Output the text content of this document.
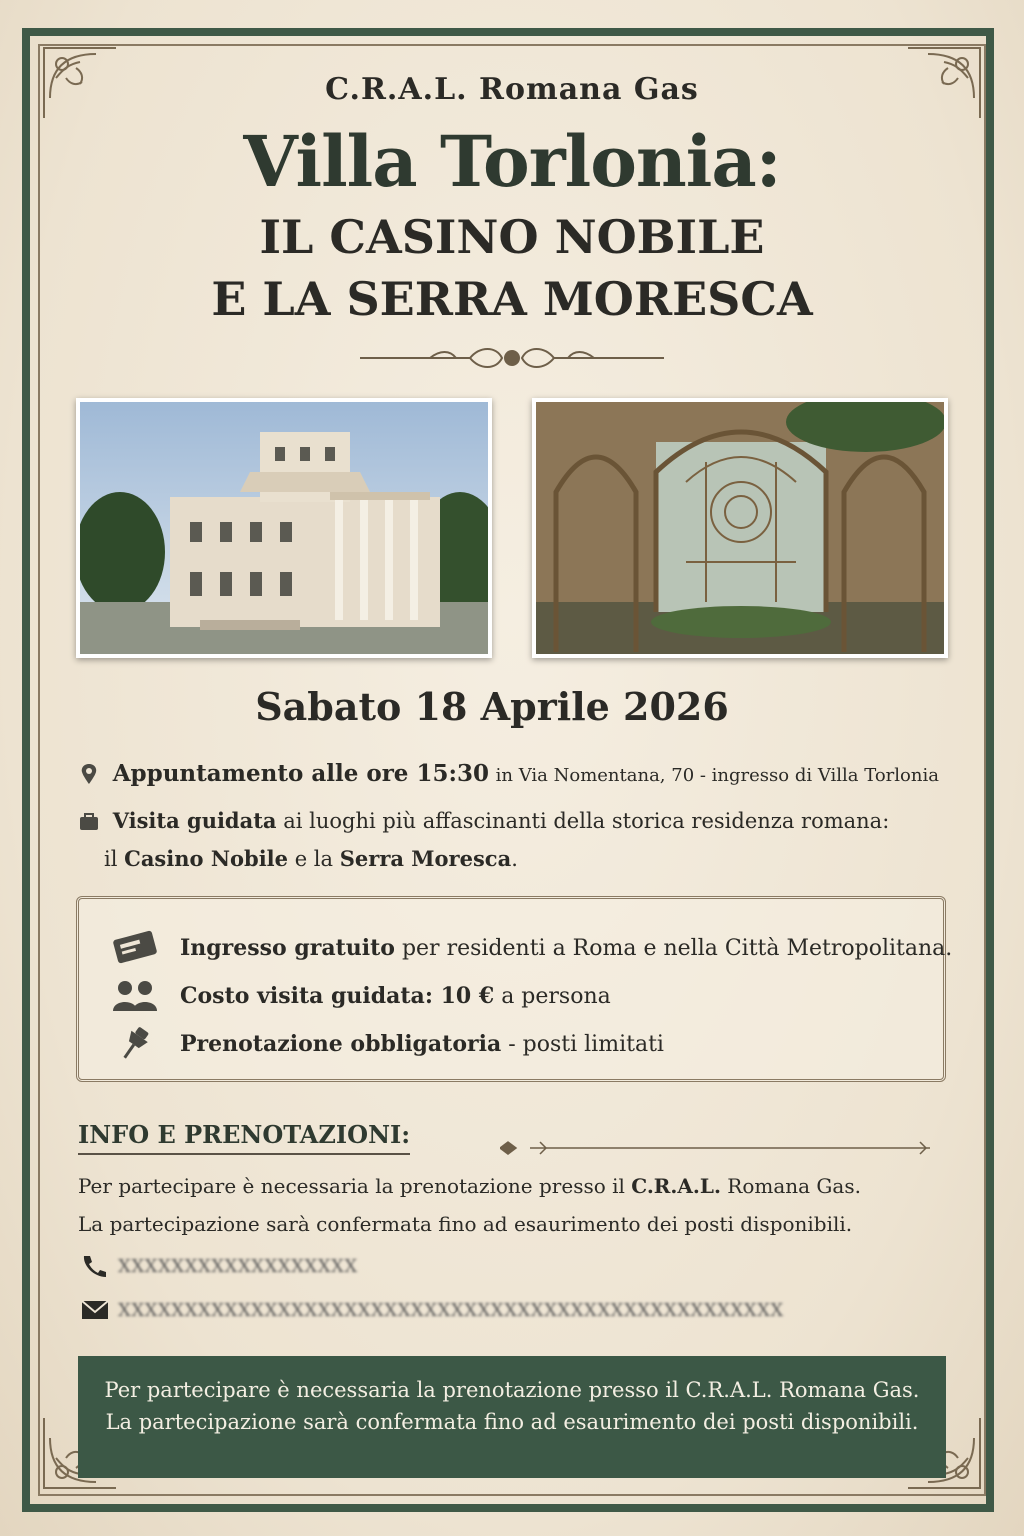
C.R.A.L. Romana Gas
Villa Torlonia:
IL CASINO NOBILE
E LA SERRA MORESCA
Sabato 18 Aprile 2026
Appuntamento alle ore 15:30 in Via Nomentana, 70 - ingresso di Villa Torlonia
Visita guidata ai luoghi più affascinanti della storica residenza romana:
il Casino Nobile e la Serra Moresca.
Ingresso gratuito per residenti a Roma e nella Città Metropolitana.
Costo visita guidata: 10 € a persona
Prenotazione obbligatoria - posti limitati
INFO E PRENOTAZIONI:
Per partecipare è necessaria la prenotazione presso il C.R.A.L. Romana Gas.
La partecipazione sarà confermata fino ad esaurimento dei posti disponibili.
XXXXXXXXXXXXXXXXXX
XXXXXXXXXXXXXXXXXXXXXXXXXXXXXXXXXXXXXXXXXXXXXXXXXX
Per partecipare è necessaria la prenotazione presso il C.R.A.L. Romana Gas. La partecipazione sarà confermata fino ad esaurimento dei posti disponibili.
